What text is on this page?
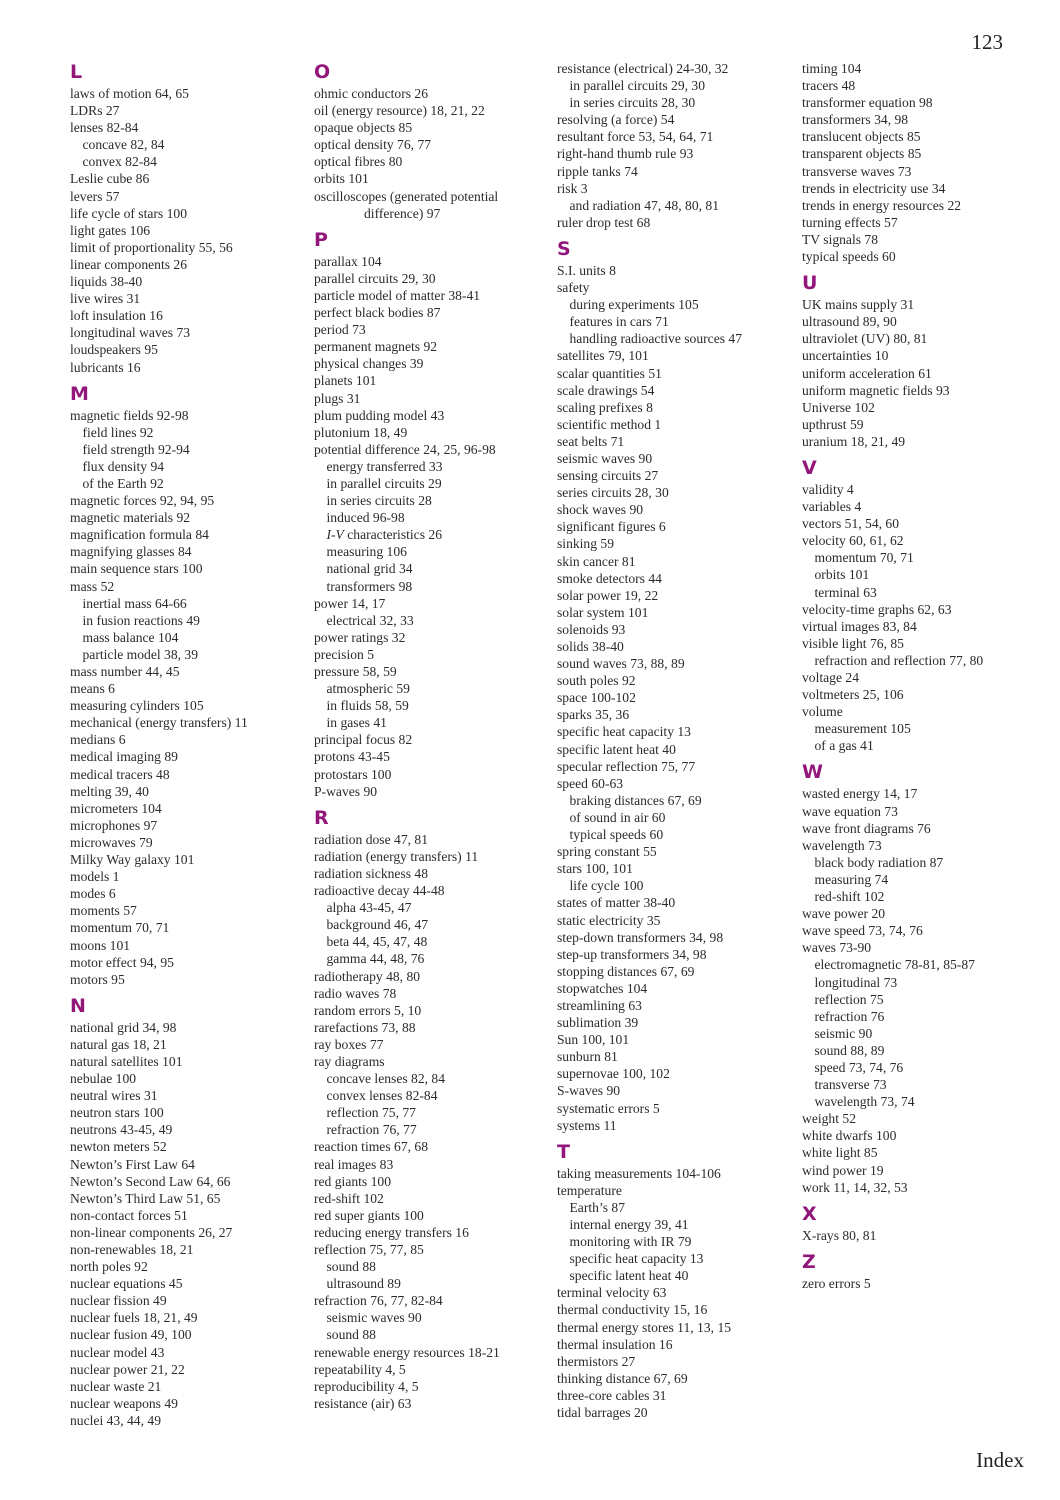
123
L
laws of motion 64, 65
LDRs 27
lenses 82-84
concave 82, 84
convex 82-84
Leslie cube 86
levers 57
life cycle of stars 100
light gates 106
limit of proportionality 55, 56
linear components 26
liquids 38-40
live wires 31
loft insulation 16
longitudinal waves 73
loudspeakers 95
lubricants 16
M
magnetic fields 92-98
field lines 92
field strength 92-94
flux density 94
of the Earth 92
magnetic forces 92, 94, 95
magnetic materials 92
magnification formula 84
magnifying glasses 84
main sequence stars 100
mass 52
inertial mass 64-66
in fusion reactions 49
mass balance 104
particle model 38, 39
mass number 44, 45
means 6
measuring cylinders 105
mechanical (energy transfers) 11
medians 6
medical imaging 89
medical tracers 48
melting 39, 40
micrometers 104
microphones 97
microwaves 79
Milky Way galaxy 101
models 1
modes 6
moments 57
momentum 70, 71
moons 101
motor effect 94, 95
motors 95
N
national grid 34, 98
natural gas 18, 21
natural satellites 101
nebulae 100
neutral wires 31
neutron stars 100
neutrons 43-45, 49
newton meters 52
Newton’s First Law 64
Newton’s Second Law 64, 66
Newton’s Third Law 51, 65
non-contact forces 51
non-linear components 26, 27
non-renewables 18, 21
north poles 92
nuclear equations 45
nuclear fission 49
nuclear fuels 18, 21, 49
nuclear fusion 49, 100
nuclear model 43
nuclear power 21, 22
nuclear waste 21
nuclear weapons 49
nuclei 43, 44, 49
O
ohmic conductors 26
oil (energy resource) 18, 21, 22
opaque objects 85
optical density 76, 77
optical fibres 80
orbits 101
oscilloscopes (generated potential
difference) 97
P
parallax 104
parallel circuits 29, 30
particle model of matter 38-41
perfect black bodies 87
period 73
permanent magnets 92
physical changes 39
planets 101
plugs 31
plum pudding model 43
plutonium 18, 49
potential difference 24, 25, 96-98
energy transferred 33
in parallel circuits 29
in series circuits 28
induced 96-98
I-V characteristics 26
measuring 106
national grid 34
transformers 98
power 14, 17
electrical 32, 33
power ratings 32
precision 5
pressure 58, 59
atmospheric 59
in fluids 58, 59
in gases 41
principal focus 82
protons 43-45
protostars 100
P-waves 90
R
radiation dose 47, 81
radiation (energy transfers) 11
radiation sickness 48
radioactive decay 44-48
alpha 43-45, 47
background 46, 47
beta 44, 45, 47, 48
gamma 44, 48, 76
radiotherapy 48, 80
radio waves 78
random errors 5, 10
rarefactions 73, 88
ray boxes 77
ray diagrams
concave lenses 82, 84
convex lenses 82-84
reflection 75, 77
refraction 76, 77
reaction times 67, 68
real images 83
red giants 100
red-shift 102
red super giants 100
reducing energy transfers 16
reflection 75, 77, 85
sound 88
ultrasound 89
refraction 76, 77, 82-84
seismic waves 90
sound 88
renewable energy resources 18-21
repeatability 4, 5
reproducibility 4, 5
resistance (air) 63
resistance (electrical) 24-30, 32
in parallel circuits 29, 30
in series circuits 28, 30
resolving (a force) 54
resultant force 53, 54, 64, 71
right-hand thumb rule 93
ripple tanks 74
risk 3
and radiation 47, 48, 80, 81
ruler drop test 68
S
S.I. units 8
safety
during experiments 105
features in cars 71
handling radioactive sources 47
satellites 79, 101
scalar quantities 51
scale drawings 54
scaling prefixes 8
scientific method 1
seat belts 71
seismic waves 90
sensing circuits 27
series circuits 28, 30
shock waves 90
significant figures 6
sinking 59
skin cancer 81
smoke detectors 44
solar power 19, 22
solar system 101
solenoids 93
solids 38-40
sound waves 73, 88, 89
south poles 92
space 100-102
sparks 35, 36
specific heat capacity 13
specific latent heat 40
specular reflection 75, 77
speed 60-63
braking distances 67, 69
of sound in air 60
typical speeds 60
spring constant 55
stars 100, 101
life cycle 100
states of matter 38-40
static electricity 35
step-down transformers 34, 98
step-up transformers 34, 98
stopping distances 67, 69
stopwatches 104
streamlining 63
sublimation 39
Sun 100, 101
sunburn 81
supernovae 100, 102
S-waves 90
systematic errors 5
systems 11
T
taking measurements 104-106
temperature
Earth’s 87
internal energy 39, 41
monitoring with IR 79
specific heat capacity 13
specific latent heat 40
terminal velocity 63
thermal conductivity 15, 16
thermal energy stores 11, 13, 15
thermal insulation 16
thermistors 27
thinking distance 67, 69
three-core cables 31
tidal barrages 20
timing 104
tracers 48
transformer equation 98
transformers 34, 98
translucent objects 85
transparent objects 85
transverse waves 73
trends in electricity use 34
trends in energy resources 22
turning effects 57
TV signals 78
typical speeds 60
U
UK mains supply 31
ultrasound 89, 90
ultraviolet (UV) 80, 81
uncertainties 10
uniform acceleration 61
uniform magnetic fields 93
Universe 102
upthrust 59
uranium 18, 21, 49
V
validity 4
variables 4
vectors 51, 54, 60
velocity 60, 61, 62
momentum 70, 71
orbits 101
terminal 63
velocity-time graphs 62, 63
virtual images 83, 84
visible light 76, 85
refraction and reflection 77, 80
voltage 24
voltmeters 25, 106
volume
measurement 105
of a gas 41
W
wasted energy 14, 17
wave equation 73
wave front diagrams 76
wavelength 73
black body radiation 87
measuring 74
red-shift 102
wave power 20
wave speed 73, 74, 76
waves 73-90
electromagnetic 78-81, 85-87
longitudinal 73
reflection 75
refraction 76
seismic 90
sound 88, 89
speed 73, 74, 76
transverse 73
wavelength 73, 74
weight 52
white dwarfs 100
white light 85
wind power 19
work 11, 14, 32, 53
X
X-rays 80, 81
Z
zero errors 5
Index
